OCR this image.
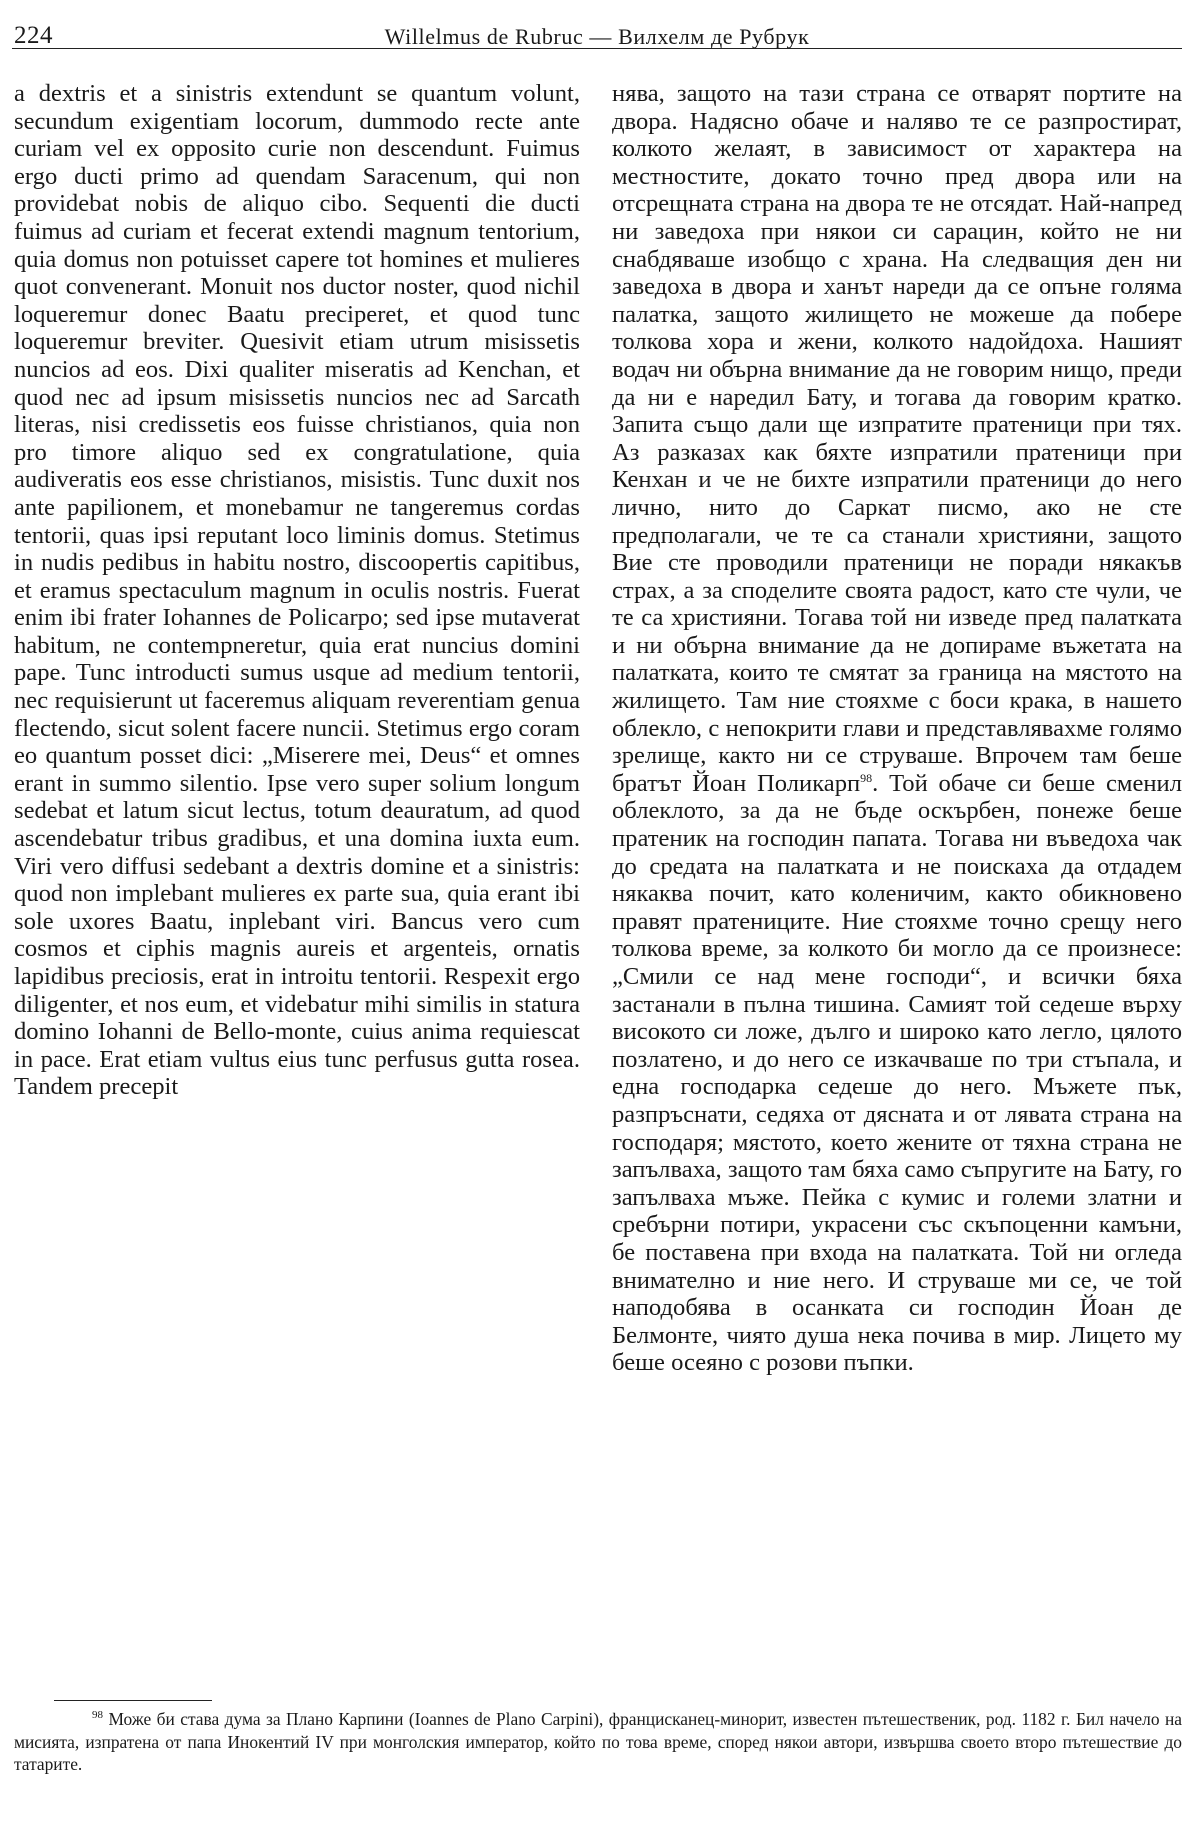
224	Willelmus de Rubruc — Вилхелм де Рубрук

a dextris et a sinistris extendunt se quantum volunt, secundum exigentiam locorum, dummodo recte ante curiam vel ex opposito curie non descendunt. Fuimus ergo ducti primo ad quendam Saracenum, qui non providebat nobis de aliquo cibo. Sequenti die ducti fuimus ad curiam et fecerat extendi magnum tentorium, quia domus non potuisset capere tot homines et mulieres quot convenerant. Monuit nos ductor noster, quod nichil loqueremur donec Baatu preciperet, et quod tunc loqueremur breviter. Quesivit etiam utrum misissetis nuncios ad eos. Dixi qualiter miseratis ad Kenchan, et quod nec ad ipsum misissetis nuncios nec ad Sarcath literas, nisi credissetis eos fuisse christianos, quia non pro timore aliquo sed ex congratulatione, quia audiveratis eos esse christianos, misistis. Tunc duxit nos ante papilionem, et monebamur ne tangeremus cordas tentorii, quas ipsi reputant loco liminis domus. Stetimus in nudis pedibus in habitu nostro, discoopertis capitibus, et eramus spectaculum magnum in oculis nostris. Fuerat enim ibi frater Iohannes de Policarpo; sed ipse mutaverat habitum, ne contempneretur, quia erat nuncius domini pape. Tunc introducti sumus usque ad medium tentorii, nec requisierunt ut faceremus aliquam reverentiam genua flectendo, sicut solent facere nuncii. Stetimus ergo coram eo quantum posset dici: „Miserere mei, Deus“ et omnes erant in summo silentio. Ipse vero super solium longum sedebat et latum sicut lectus, totum deauratum, ad quod ascendebatur tribus gradibus, et una domina iuxta eum. Viri vero diffusi sedebant a dextris domine et a sinistris: quod non implebant mulieres ex parte sua, quia erant ibi sole uxores Baatu, inplebant viri. Bancus vero cum cosmos et ciphis magnis aureis et argenteis, ornatis lapidibus preciosis, erat in introitu tentorii. Respexit ergo diligenter, et nos eum, et videbatur mihi similis in statura domino Iohanni de Bello-monte, cuius anima requiescat in pace. Erat etiam vultus eius tunc perfusus gutta rosea. Tandem precepit

нява, защото на тази страна се отварят портите на двора. Надясно обаче и наляво те се разпростират, колкото желаят, в зависимост от характера на местностите, докато точно пред двора или на отсрещната страна на двора те не отсядат. Най-напред ни заведоха при някои си сарацин, който не ни снабдяваше изобщо с храна. На следващия ден ни заведоха в двора и ханът нареди да се опъне голяма палатка, защото жилището не можеше да побере толкова хора и жени, колкото надойдоха. Нашият водач ни обърна внимание да не говорим нищо, преди да ни е наредил Бату, и тогава да говорим кратко. Запита също дали ще изпратите пратеници при тях. Аз разказах как бяхте изпратили пратеници при Кенхан и че не бихте изпратили пратеници до него лично, нито до Саркат писмо, ако не сте предполагали, че те са станали християни, защото Вие сте проводили пратеници не поради някакъв страх, а за споделите своята радост, като сте чули, че те са християни. Тогава той ни изведе пред палатката и ни обърна внимание да не допираме въжетата на палатката, които те смятат за граница на мястото на жилището. Там ние стояхме с боси крака, в нашето облекло, с непокрити глави и представлявахме голямо зрелище, както ни се струваше. Впрочем там беше братът Йоан Поликарп$^{98}$. Той обаче си беше сменил облеклото, за да не бъде оскърбен, понеже беше пратеник на господин папата. Тогава ни въведоха чак до средата на палатката и не поискаха да отдадем някаква почит, като коленичим, както обикновено правят пратениците. Ние стояхме точно срещу него толкова време, за колкото би могло да се произнесе: „Смили се над мене господи“, и всички бяха застанали в пълна тишина. Самият той седеше върху високото си ложе, дълго и широко като легло, цялото позлатено, и до него се изкачваше по три стъпала, и една господарка седеше до него. Мъжете пък, разпръснати, седяха от дясната и от лявата страна на господаря; мястото, което жените от тяхна страна не запълваха, защото там бяха само съпругите на Бату, го запълваха мъже. Пейка с кумис и големи златни и сребърни потири, украсени със скъпоценни камъни, бе поставена при входа на палатката. Той ни огледа внимателно и ние него. И струваше ми се, че той наподобява в осанката си господин Йоан де Белмонте, чиято душа нека почива в мир. Лицето му беше осеяно с розови пъпки.

$^{98}$ Може би става дума за Плано Карпини (Ioannes de Plano Carpini), францисканец-минорит, известен пътешественик, род. 1182 г. Бил начело на мисията, изпратена от папа Инокентий IV при монголския император, който по това време, според някои автори, извършва своето второ пътешествие до татарите.
